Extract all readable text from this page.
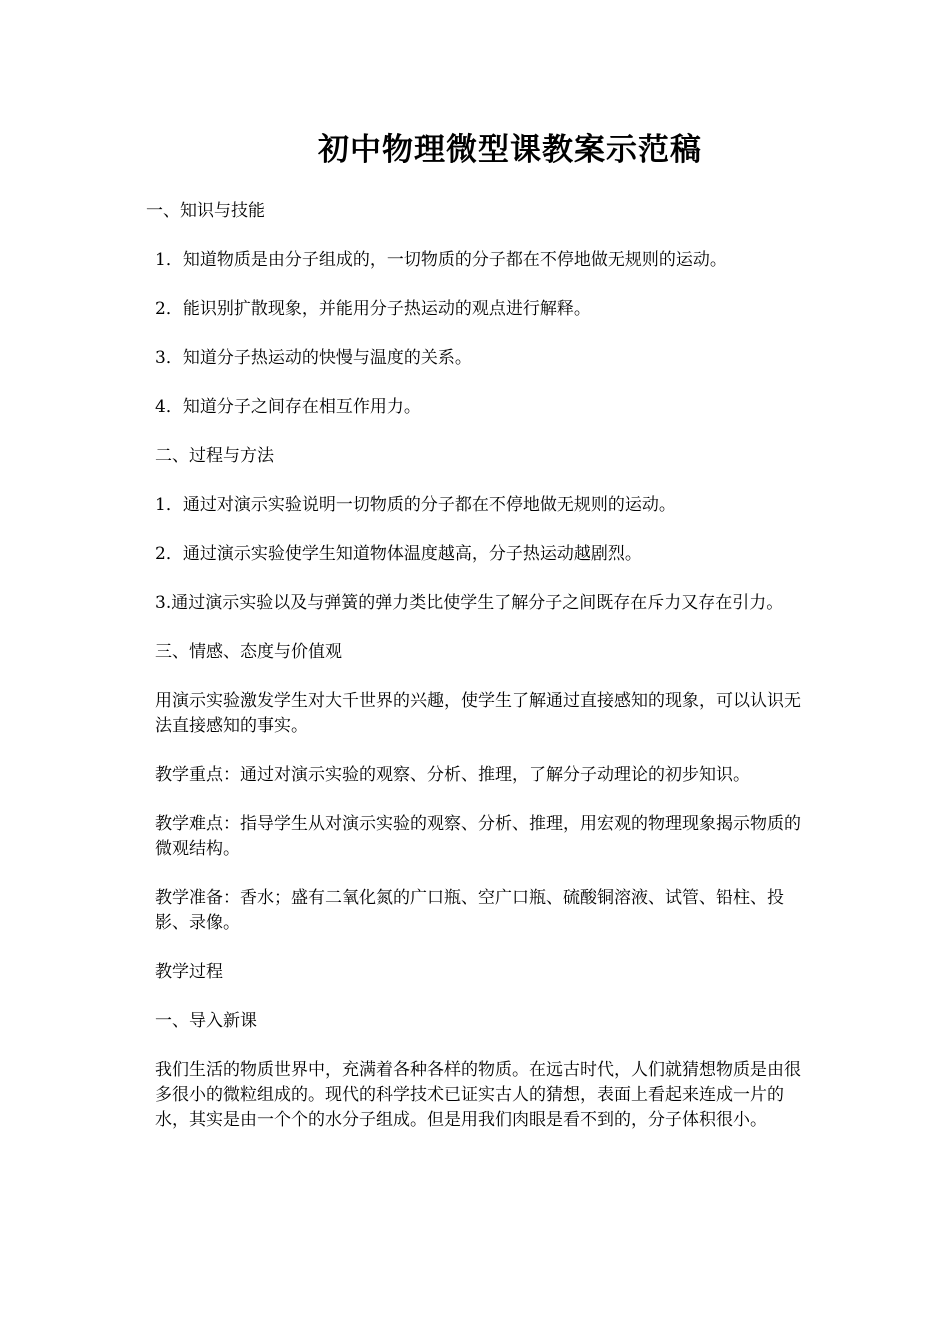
初中物理微型课教案示范稿

一、知识与技能

1．知道物质是由分子组成的，一切物质的分子都在不停地做无规则的运动。

2．能识别扩散现象，并能用分子热运动的观点进行解释。

3．知道分子热运动的快慢与温度的关系。

4．知道分子之间存在相互作用力。

二、过程与方法

1．通过对演示实验说明一切物质的分子都在不停地做无规则的运动。

2．通过演示实验使学生知道物体温度越高，分子热运动越剧烈。

3.通过演示实验以及与弹簧的弹力类比使学生了解分子之间既存在斥力又存在引力。

三、情感、态度与价值观

用演示实验激发学生对大千世界的兴趣，使学生了解通过直接感知的现象，可以认识无法直接感知的事实。

教学重点：通过对演示实验的观察、分析、推理，了解分子动理论的初步知识。

教学难点：指导学生从对演示实验的观察、分析、推理，用宏观的物理现象揭示物质的微观结构。

教学准备：香水；盛有二氧化氮的广口瓶、空广口瓶、硫酸铜溶液、试管、铅柱、投影、录像。

教学过程

一、导入新课

我们生活的物质世界中，充满着各种各样的物质。在远古时代，人们就猜想物质是由很多很小的微粒组成的。现代的科学技术已证实古人的猜想，表面上看起来连成一片的水，其实是由一个个的水分子组成。但是用我们肉眼是看不到的，分子体积很小。
